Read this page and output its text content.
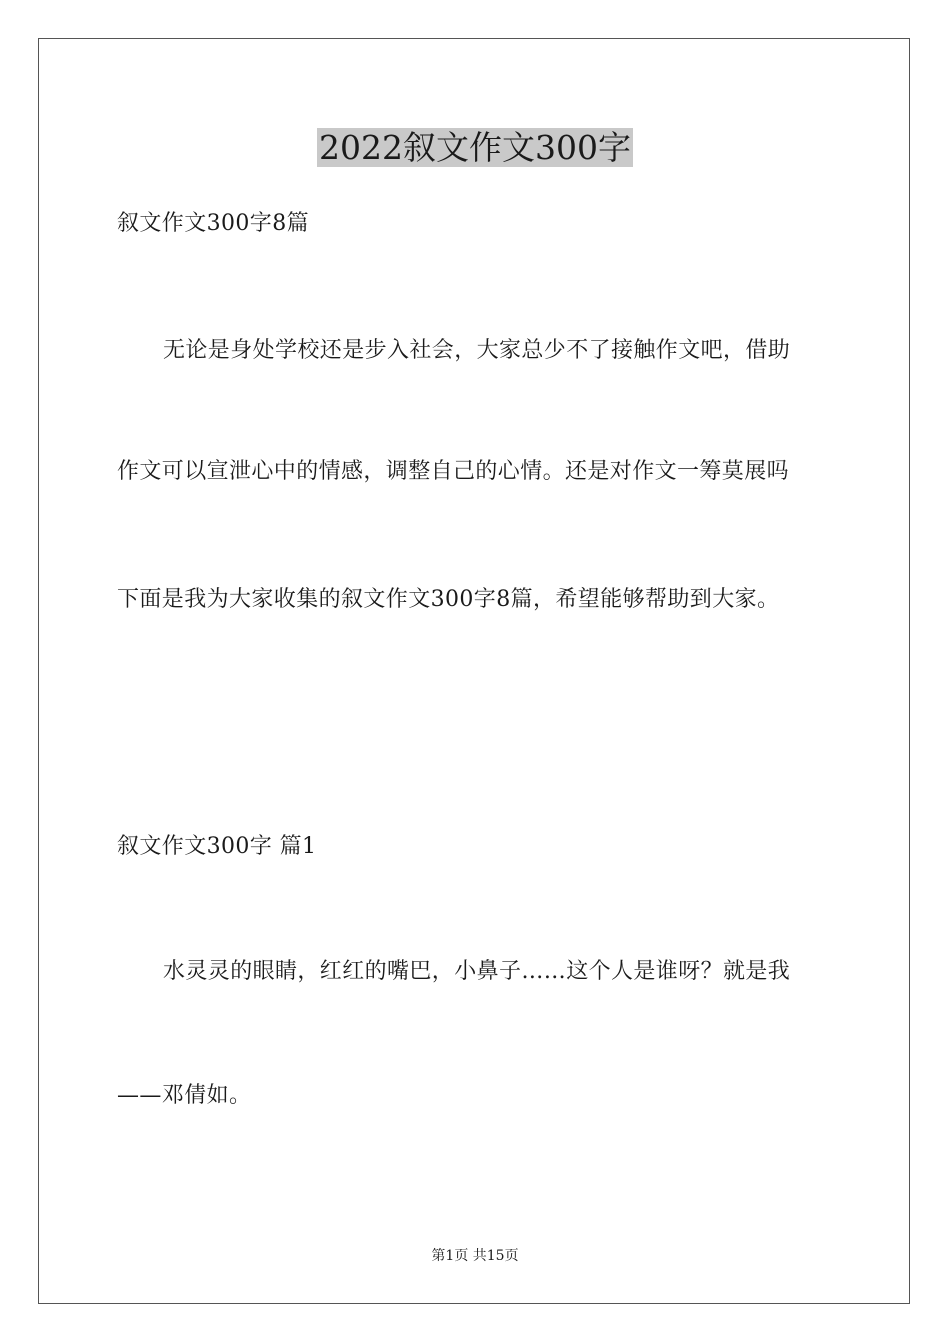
2022叙文作文300字
叙文作文300字8篇
无论是身处学校还是步入社会，大家总少不了接触作文吧，借助
作文可以宣泄心中的情感，调整自己的心情。还是对作文一筹莫展吗
下面是我为大家收集的叙文作文300字8篇，希望能够帮助到大家。
叙文作文300字 篇1
水灵灵的眼睛，红红的嘴巴，小鼻子……这个人是谁呀？就是我
——邓倩如。
第1页 共15页
